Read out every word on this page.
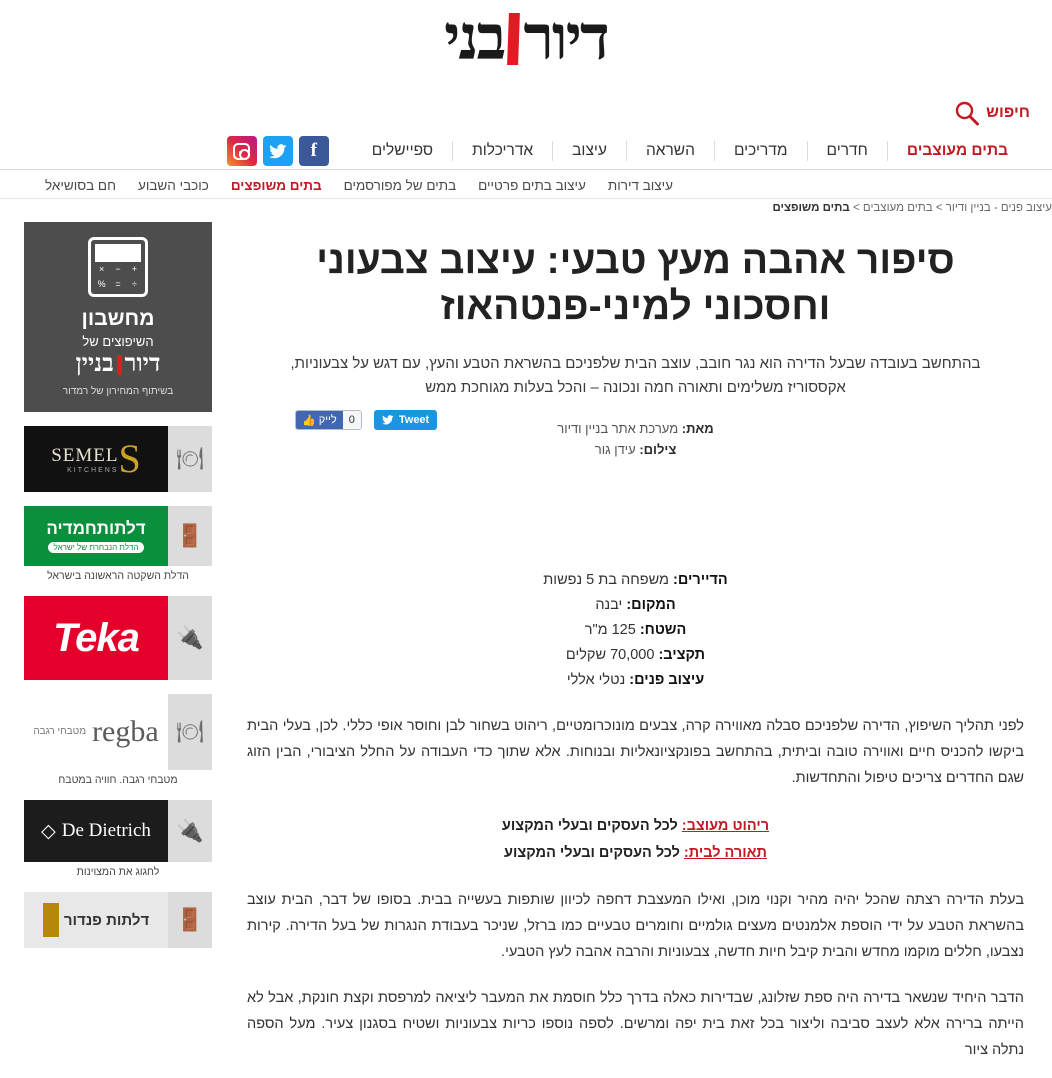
דיור
בני
חיפוש
בתים מעוצבים
חדרים
מדריכים
השראה
עיצוב
אדריכלות
ספיישלים
f
עיצוב דירות
עיצוב בתים פרטיים
בתים של מפורסמים
בתים משופצים
כוכבי השבוע
חם בסושיאל
עיצוב פנים - בניין ודיור > בתים מעוצבים > בתים משופצים
סיפור אהבה מעץ טבעי: עיצוב צבעוני וחסכוני למיני-פנטהאוז
בהתחשב בעובדה שבעל הדירה הוא נגר חובב, עוצב הבית שלפניכם בהשראת הטבע והעץ, עם דגש על צבעוניות, אקססוריז משלימים ותאורה חמה ונכונה – והכל בעלות מגוחכת ממש
מאת: מערכת אתר בניין ודיור
צילום: עידן גור
Tweet
👍 לייק	0
הדיירים: משפחה בת 5 נפשות
המקום: יבנה
השטח: 125 מ"ר
תקציב: 70,000 שקלים
עיצוב פנים: נטלי אללי

לפני תהליך השיפוץ, הדירה שלפניכם סבלה מאווירה קרה, צבעים מונוכרומטיים, ריהוט בשחור לבן וחוסר אופי כללי. לכן, בעלי הבית ביקשו להכניס חיים ואווירה טובה וביתית, בהתחשב בפונקציונאליות ובנוחות. אלא שתוך כדי העבודה על החלל הציבורי, הבין הזוג שגם החדרים צריכים טיפול והתחדשות.

ריהוט מעוצב: לכל העסקים ובעלי המקצוע
תאורה לבית: לכל העסקים ובעלי המקצוע

בעלת הדירה רצתה שהכל יהיה מהיר וקנוי מוכן, ואילו המעצבת דחפה לכיוון שותפות בעשייה בבית. בסופו של דבר, הבית עוצב בהשראת הטבע על ידי הוספת אלמנטים מעצים גולמיים וחומרים טבעיים כמו ברזל, שניכר בעבודת הנגרות של בעל הדירה. קירות נצבעו, חללים מוקמו מחדש והבית קיבל חיות חדשה, צבעוניות והרבה אהבה לעץ הטבעי.

הדבר היחיד שנשאר בדירה היה ספת שזלונג, שבדירות כאלה בדרך כלל חוסמת את המעבר ליציאה למרפסת וקצת חונקת, אבל לא הייתה ברירה אלא לעצב סביבה וליצור בכל זאת בית יפה ומרשים. לספה נוספו כריות צבעוניות ושטיח בסגנון צעיר. מעל הספה נתלה ציור

+
−
×
÷
=
%
מחשבון
השיפוצים של
דיור
בניין
בשיתוף המחירון של רמדור
S
SEMEL
KITCHENS	🍽
דלתותחמדיה
הדלת הנבחרת של ישראל 🚪
הדלת השקטה הראשונה בישראל
Teka	🔌
regba
מטבחי רגבה	🍽
מטבחי רגבה. חוויה במטבח
De Dietrich
◇	🔌
לחגוג את המצוינות
דלתות פנדור 🚪
